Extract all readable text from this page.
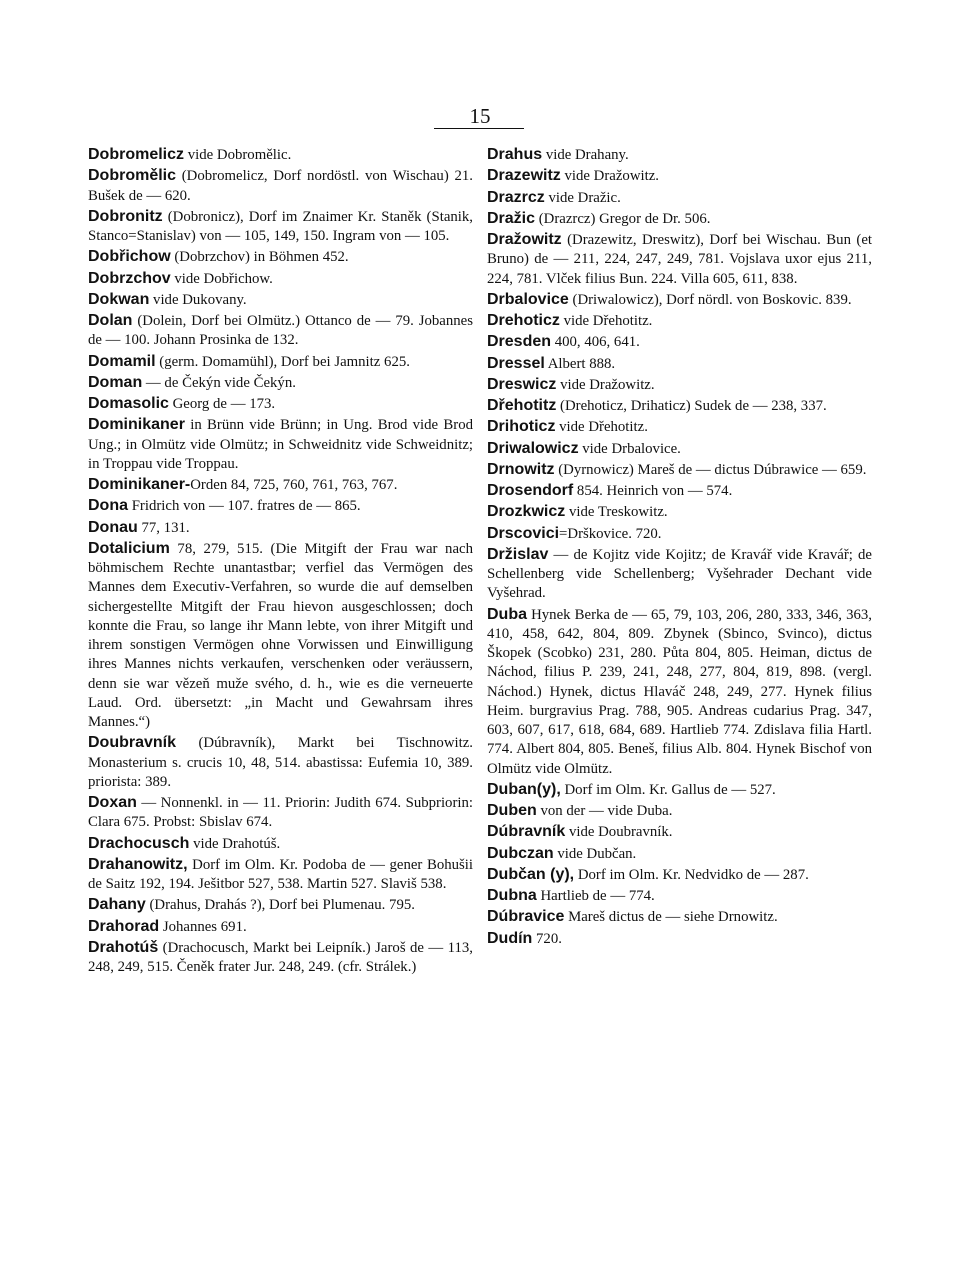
15

Dobromelicz vide Dobromělic.

Dobromělic (Dobromelicz, Dorf nordöstl. von Wischau) 21. Bušek de — 620.

Dobronitz (Dobronicz), Dorf im Znaimer Kr. Staněk (Stanik, Stanco=Stanislav) von — 105, 149, 150. Ingram von — 105.

Dobřichow (Dobrzchov) in Böhmen 452.

Dobrzchov vide Dobřichow.

Dokwan vide Dukovany.

Dolan (Dolein, Dorf bei Olmütz.) Ottanco de — 79. Jobannes de — 100. Johann Prosinka de 132.

Domamil (germ. Domamühl), Dorf bei Jamnitz 625.

Doman — de Čekýn vide Čekýn.

Domasolic Georg de — 173.

Dominikaner in Brünn vide Brünn; in Ung. Brod vide Brod Ung.; in Olmütz vide Olmütz; in Schweidnitz vide Schweidnitz; in Troppau vide Troppau.

Dominikaner-Orden 84, 725, 760, 761, 763, 767.

Dona Fridrich von — 107. fratres de — 865.

Donau 77, 131.

Dotalicium 78, 279, 515. (Die Mitgift der Frau war nach böhmischem Rechte unantastbar; verfiel das Vermögen des Mannes dem Executiv-Verfahren, so wurde die auf demselben sichergestellte Mitgift der Frau hievon ausgeschlossen; doch konnte die Frau, so lange ihr Mann lebte, von ihrer Mitgift und ihrem sonstigen Vermögen ohne Vorwissen und Einwilligung ihres Mannes nichts verkaufen, verschenken oder veräussern, denn sie war vězeň muže svého, d. h., wie es die verneuerte Laud. Ord. übersetzt: „in Macht und Gewahrsam ihres Mannes.“)

Doubravník (Dúbravník), Markt bei Tischnowitz. Monasterium s. crucis 10, 48, 514. abastissa: Eufemia 10, 389. priorista: 389.

Doxan — Nonnenkl. in — 11. Priorin: Judith 674. Subpriorin: Clara 675. Probst: Sbislav 674.

Drachocusch vide Drahotúš.

Drahanowitz, Dorf im Olm. Kr. Podoba de — gener Bohušii de Saitz 192, 194. Ješitbor 527, 538. Martin 527. Slaviš 538.

Dahany (Drahus, Drahás ?), Dorf bei Plumenau. 795.

Drahorad Johannes 691.

Drahotúš (Drachocusch, Markt bei Leipník.) Jaroš de — 113, 248, 249, 515. Čeněk frater Jur. 248, 249. (cfr. Strálek.)

Drahus vide Drahany.

Drazewitz vide Dražowitz.

Drazrcz vide Dražic.

Dražic (Drazrcz) Gregor de Dr. 506.

Dražowitz (Drazewitz, Dreswitz), Dorf bei Wischau. Bun (et Bruno) de — 211, 224, 247, 249, 781. Vojslava uxor ejus 211, 224, 781. Vlček filius Bun. 224. Villa 605, 611, 838.

Drbalovice (Driwalowicz), Dorf nördl. von Boskovic. 839.

Drehoticz vide Dřehotitz.

Dresden 400, 406, 641.

Dressel Albert 888.

Dreswicz vide Dražowitz.

Dřehotitz (Drehoticz, Drihaticz) Sudek de — 238, 337.

Drihoticz vide Dřehotitz.

Driwalowicz vide Drbalovice.

Drnowitz (Dyrnowicz) Mareš de — dictus Dúbrawice — 659.

Drosendorf 854. Heinrich von — 574.

Drozkwicz vide Treskowitz.

Drscovici=Drškovice. 720.

Držislav — de Kojitz vide Kojitz; de Kravář vide Kravář; de Schellenberg vide Schellenberg; Vyšehrader Dechant vide Vyšehrad.

Duba Hynek Berka de — 65, 79, 103, 206, 280, 333, 346, 363, 410, 458, 642, 804, 809. Zbynek (Sbinco, Svinco), dictus Škopek (Scobko) 231, 280. Půta 804, 805. Heiman, dictus de Náchod, filius P. 239, 241, 248, 277, 804, 819, 898. (vergl. Náchod.) Hynek, dictus Hlaváč 248, 249, 277. Hynek filius Heim. burgravius Prag. 788, 905. Andreas cudarius Prag. 347, 603, 607, 617, 618, 684, 689. Hartlieb 774. Zdislava filia Hartl. 774. Albert 804, 805. Beneš, filius Alb. 804. Hynek Bischof von Olmütz vide Olmütz.

Duban(y), Dorf im Olm. Kr. Gallus de — 527.

Duben von der — vide Duba.

Dúbravník vide Doubravník.

Dubczan vide Dubčan.

Dubčan (y), Dorf im Olm. Kr. Nedvidko de — 287.

Dubna Hartlieb de — 774.

Dúbravice Mareš dictus de — siehe Drnowitz.

Dudín 720.
